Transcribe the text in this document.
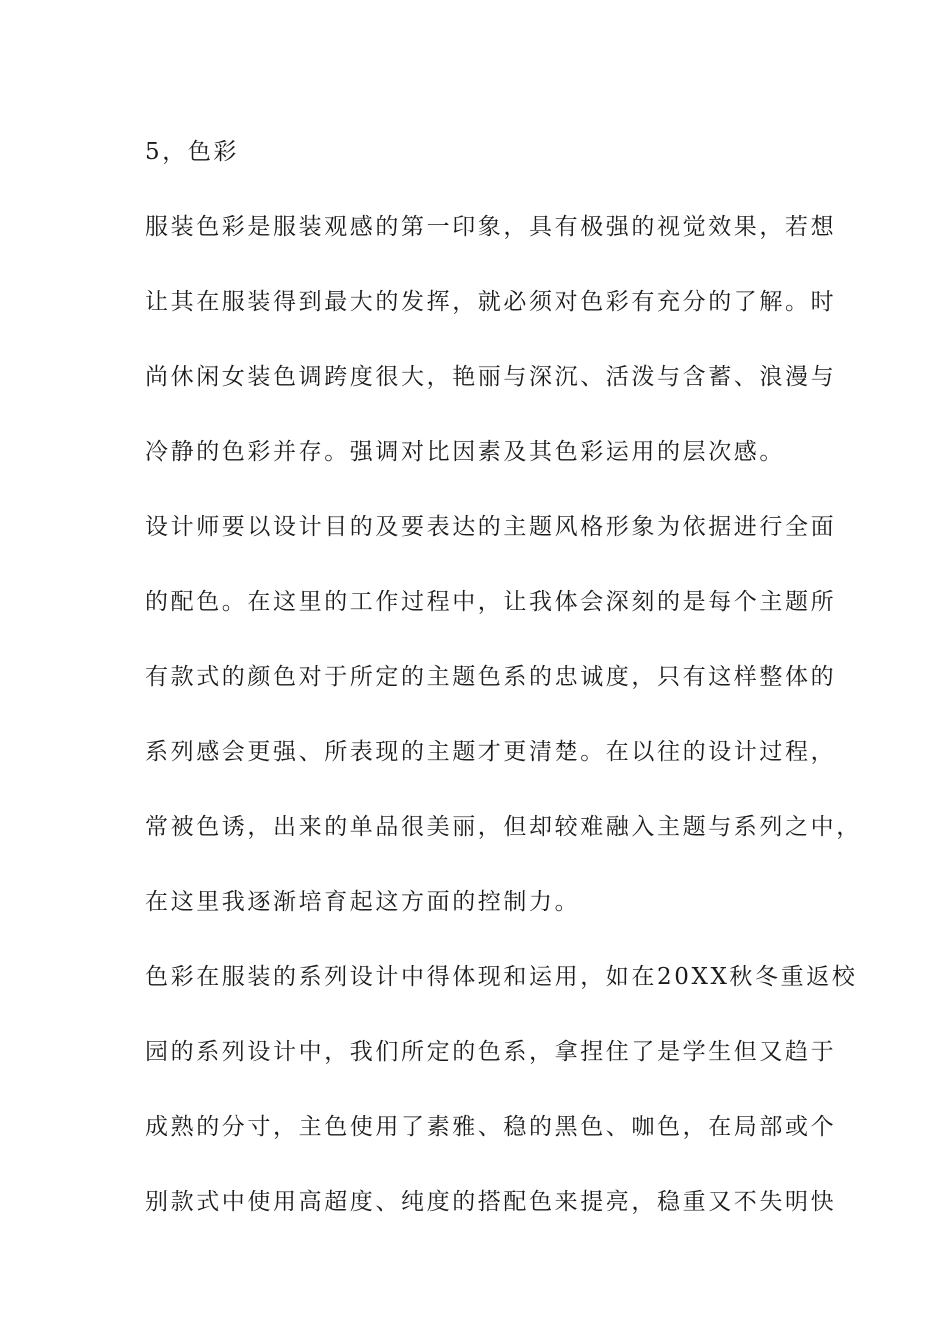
5，色彩
服装色彩是服装观感的第一印象，具有极强的视觉效果，若想
让其在服装得到最大的发挥，就必须对色彩有充分的了解。时
尚休闲女装色调跨度很大，艳丽与深沉、活泼与含蓄、浪漫与
冷静的色彩并存。强调对比因素及其色彩运用的层次感。
设计师要以设计目的及要表达的主题风格形象为依据进行全面
的配色。在这里的工作过程中，让我体会深刻的是每个主题所
有款式的颜色对于所定的主题色系的忠诚度，只有这样整体的
系列感会更强、所表现的主题才更清楚。在以往的设计过程，
常被色诱，出来的单品很美丽，但却较难融入主题与系列之中，
在这里我逐渐培育起这方面的控制力。
色彩在服装的系列设计中得体现和运用，如在20XX秋冬重返校
园的系列设计中，我们所定的色系，拿捏住了是学生但又趋于
成熟的分寸，主色使用了素雅、稳的黑色、咖色，在局部或个
别款式中使用高超度、纯度的搭配色来提亮，稳重又不失明快
